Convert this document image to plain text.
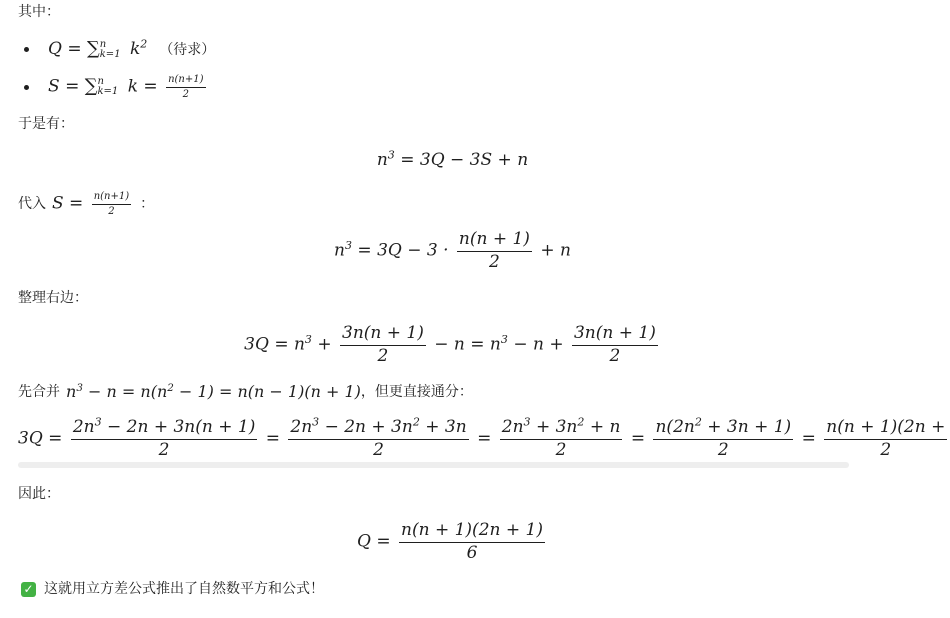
其中：
Q = ∑ n
k=1 $k^2$ （待求）
S = ∑ n
k=1 $k = \frac{n(n+1)}{2}$
于是有：
$n^3 = 3Q - 3S + n$
代入 $S = \frac{n(n+1)}{2}$ ：
$n^3 = 3Q - 3 \cdot \frac{n(n + 1)}{2} + n$
整理右边：
$3Q = n^3 + \frac{3n(n + 1)}{2} - n = n^3 - n + \frac{3n(n + 1)}{2}$
先合并 $n^3 - n = n(n^2 - 1) = n(n - 1)(n + 1)$ ，但更直接通分：
$3Q = \frac{2n^3 - 2n + 3n(n + 1)}{2} = \frac{2n^3 - 2n + 3n^2 + 3n}{2} = \frac{2n^3 + 3n^2 + n}{2} = \frac{n(2n^2 + 3n + 1)}{2} = \frac{n(n + 1)(2n +}{2}$
因此：
$Q = \frac{n(n + 1)(2n + 1)}{6}$
✓ 这就用立方差公式推出了自然数平方和公式！
